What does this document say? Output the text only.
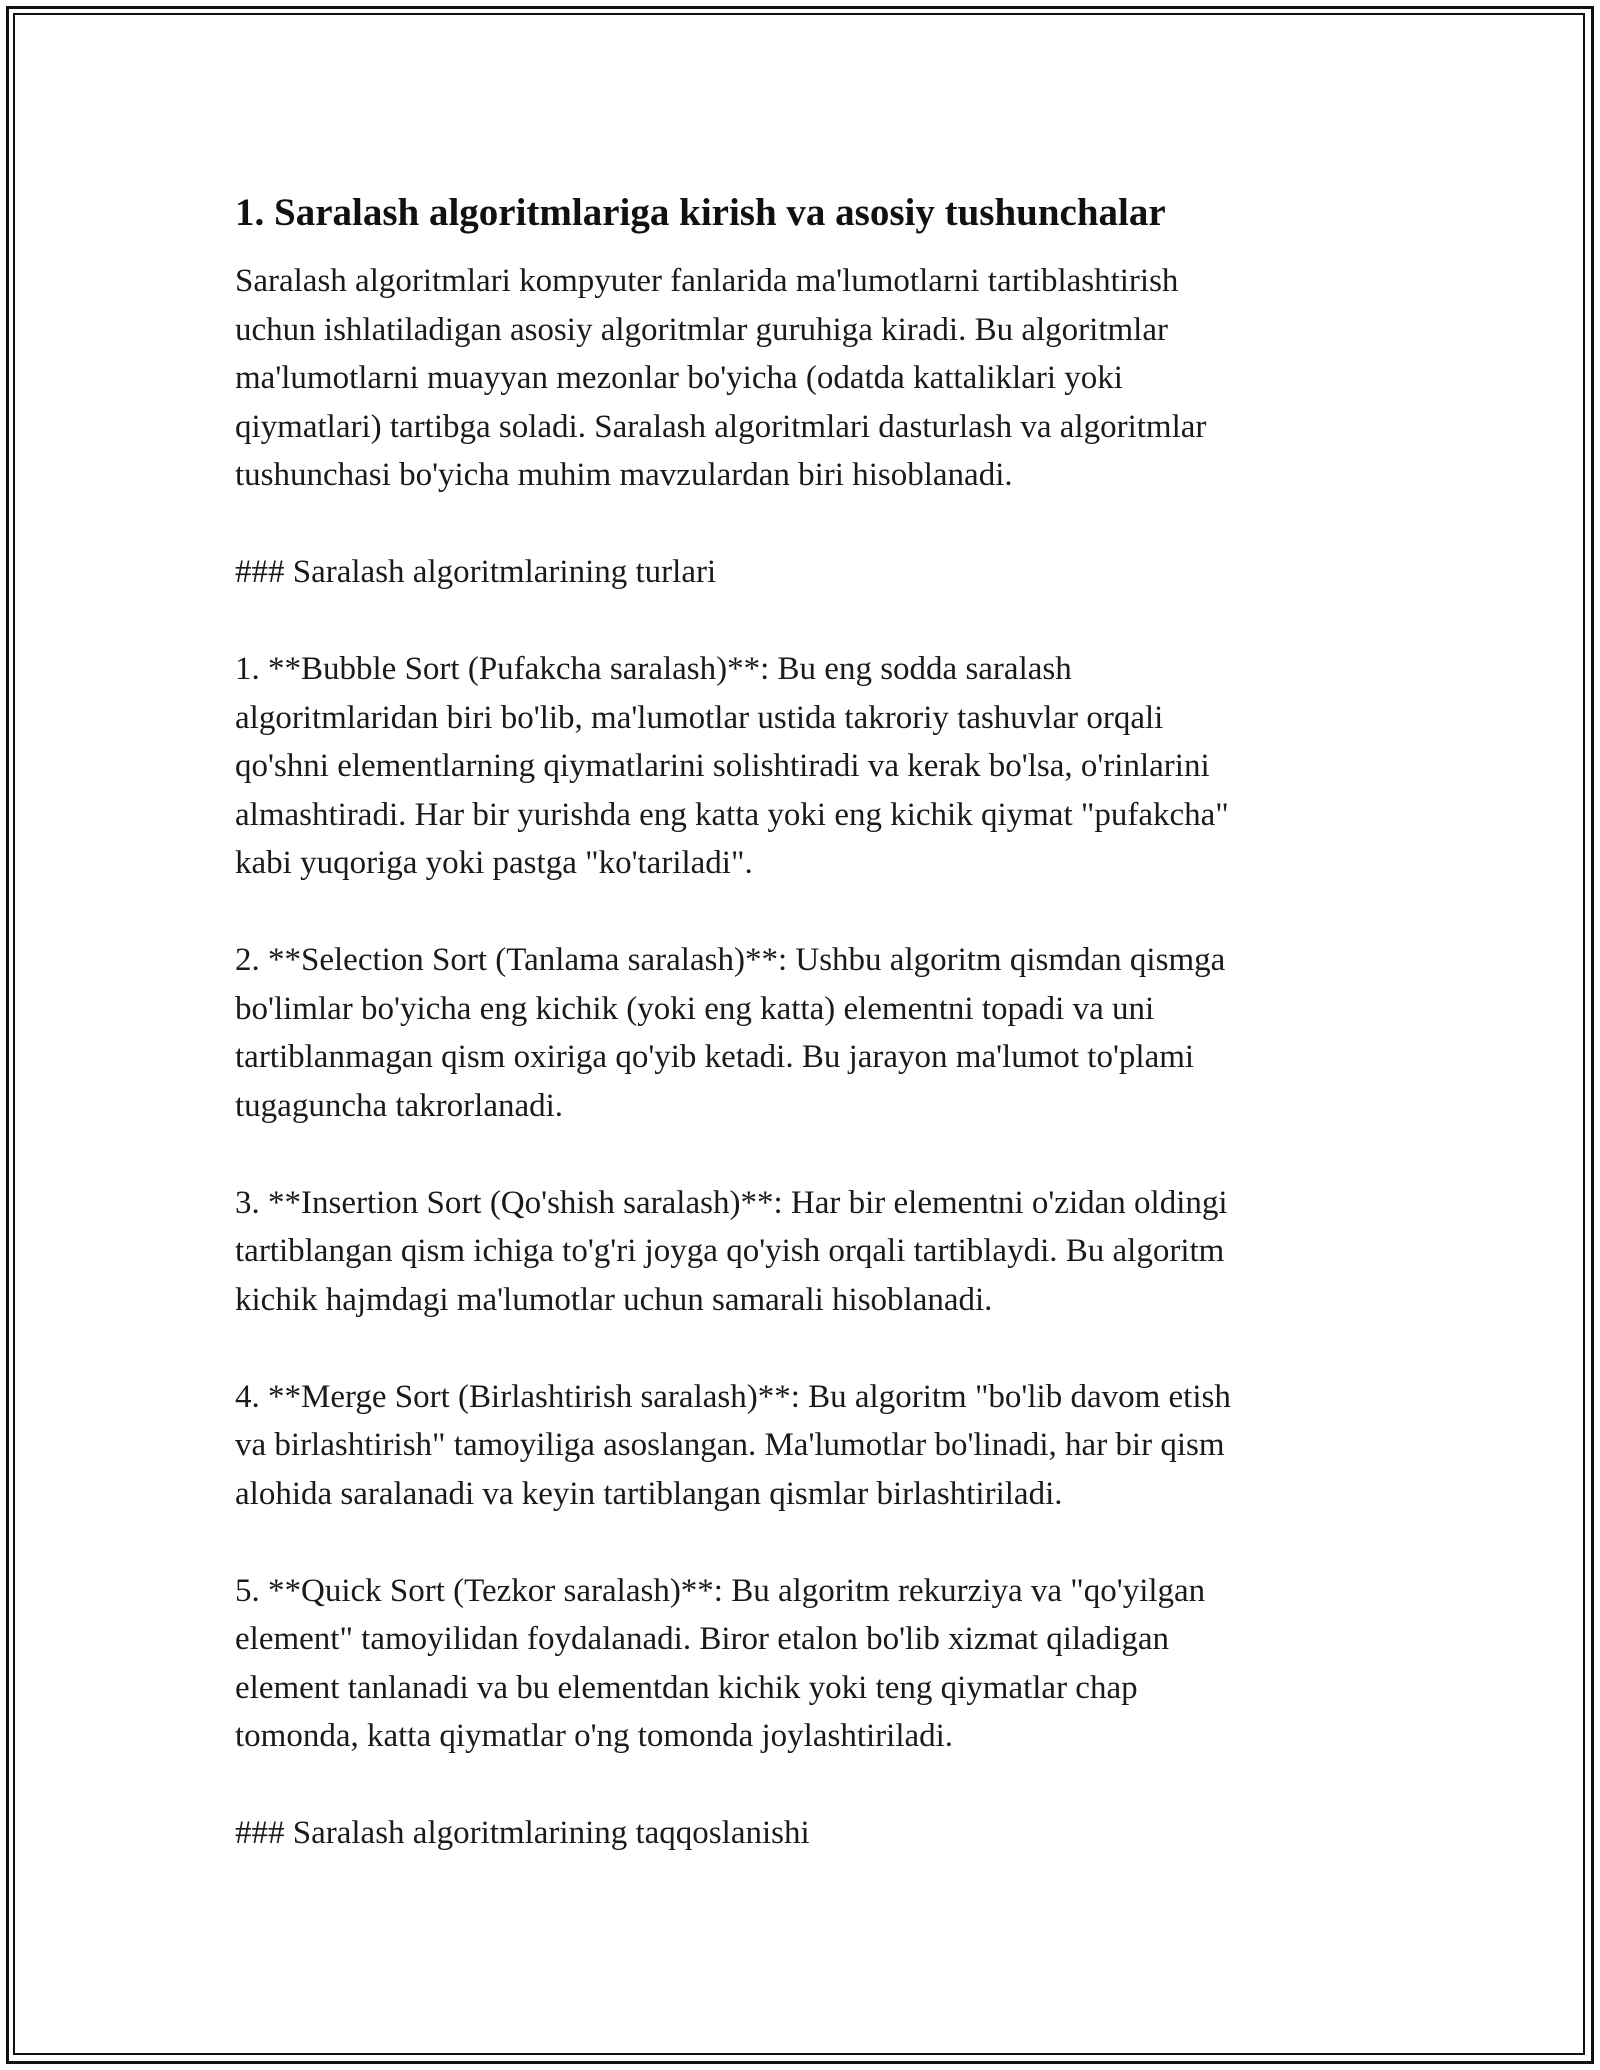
1. Saralash algoritmlariga kirish va asosiy tushunchalar

Saralash algoritmlari kompyuter fanlarida ma'lumotlarni tartiblashtirish
uchun ishlatiladigan asosiy algoritmlar guruhiga kiradi. Bu algoritmlar
ma'lumotlarni muayyan mezonlar bo'yicha (odatda kattaliklari yoki
qiymatlari) tartibga soladi. Saralash algoritmlari dasturlash va algoritmlar
tushunchasi bo'yicha muhim mavzulardan biri hisoblanadi.

### Saralash algoritmlarining turlari

1. **Bubble Sort (Pufakcha saralash)**: Bu eng sodda saralash
algoritmlaridan biri bo'lib, ma'lumotlar ustida takroriy tashuvlar orqali
qo'shni elementlarning qiymatlarini solishtiradi va kerak bo'lsa, o'rinlarini
almashtiradi. Har bir yurishda eng katta yoki eng kichik qiymat "pufakcha"
kabi yuqoriga yoki pastga "ko'tariladi".

2. **Selection Sort (Tanlama saralash)**: Ushbu algoritm qismdan qismga
bo'limlar bo'yicha eng kichik (yoki eng katta) elementni topadi va uni
tartiblanmagan qism oxiriga qo'yib ketadi. Bu jarayon ma'lumot to'plami
tugaguncha takrorlanadi.

3. **Insertion Sort (Qo'shish saralash)**: Har bir elementni o'zidan oldingi
tartiblangan qism ichiga to'g'ri joyga qo'yish orqali tartiblaydi. Bu algoritm
kichik hajmdagi ma'lumotlar uchun samarali hisoblanadi.

4. **Merge Sort (Birlashtirish saralash)**: Bu algoritm "bo'lib davom etish
va birlashtirish" tamoyiliga asoslangan. Ma'lumotlar bo'linadi, har bir qism
alohida saralanadi va keyin tartiblangan qismlar birlashtiriladi.

5. **Quick Sort (Tezkor saralash)**: Bu algoritm rekurziya va "qo'yilgan
element" tamoyilidan foydalanadi. Biror etalon bo'lib xizmat qiladigan
element tanlanadi va bu elementdan kichik yoki teng qiymatlar chap
tomonda, katta qiymatlar o'ng tomonda joylashtiriladi.

### Saralash algoritmlarining taqqoslanishi
